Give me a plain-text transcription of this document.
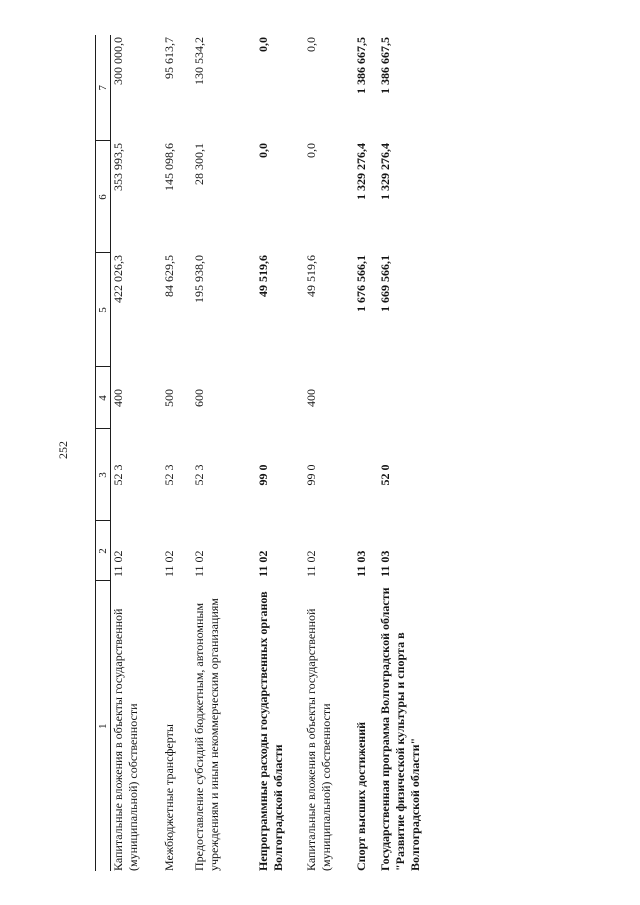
252
1	2	3	4	5	6	7
Капитальные вложения в объекты государственной (муниципальной) собственности	11 02	52 3	400	422 026,3	353 993,5	300 000,0
Межбюджетные трансферты	11 02	52 3	500	84 629,5	145 098,6	95 613,7
Предоставление субсидий бюджетным, автономным учреждениям и иным некоммерческим организациям	11 02	52 3	600	195 938,0	28 300,1	130 534,2
Непрограммные расходы государственных органов Волгоградской области	11 02	99 0		49 519,6	0,0	0,0
Капитальные вложения в объекты государственной (муниципальной) собственности	11 02	99 0	400	49 519,6	0,0	0,0
Спорт высших достижений	11 03			1 676 566,1	1 329 276,4	1 386 667,5
Государственная программа Волгоградской области "Развитие физической культуры и спорта в Волгоградской области"	11 03	52 0		1 669 566,1	1 329 276,4	1 386 667,5
